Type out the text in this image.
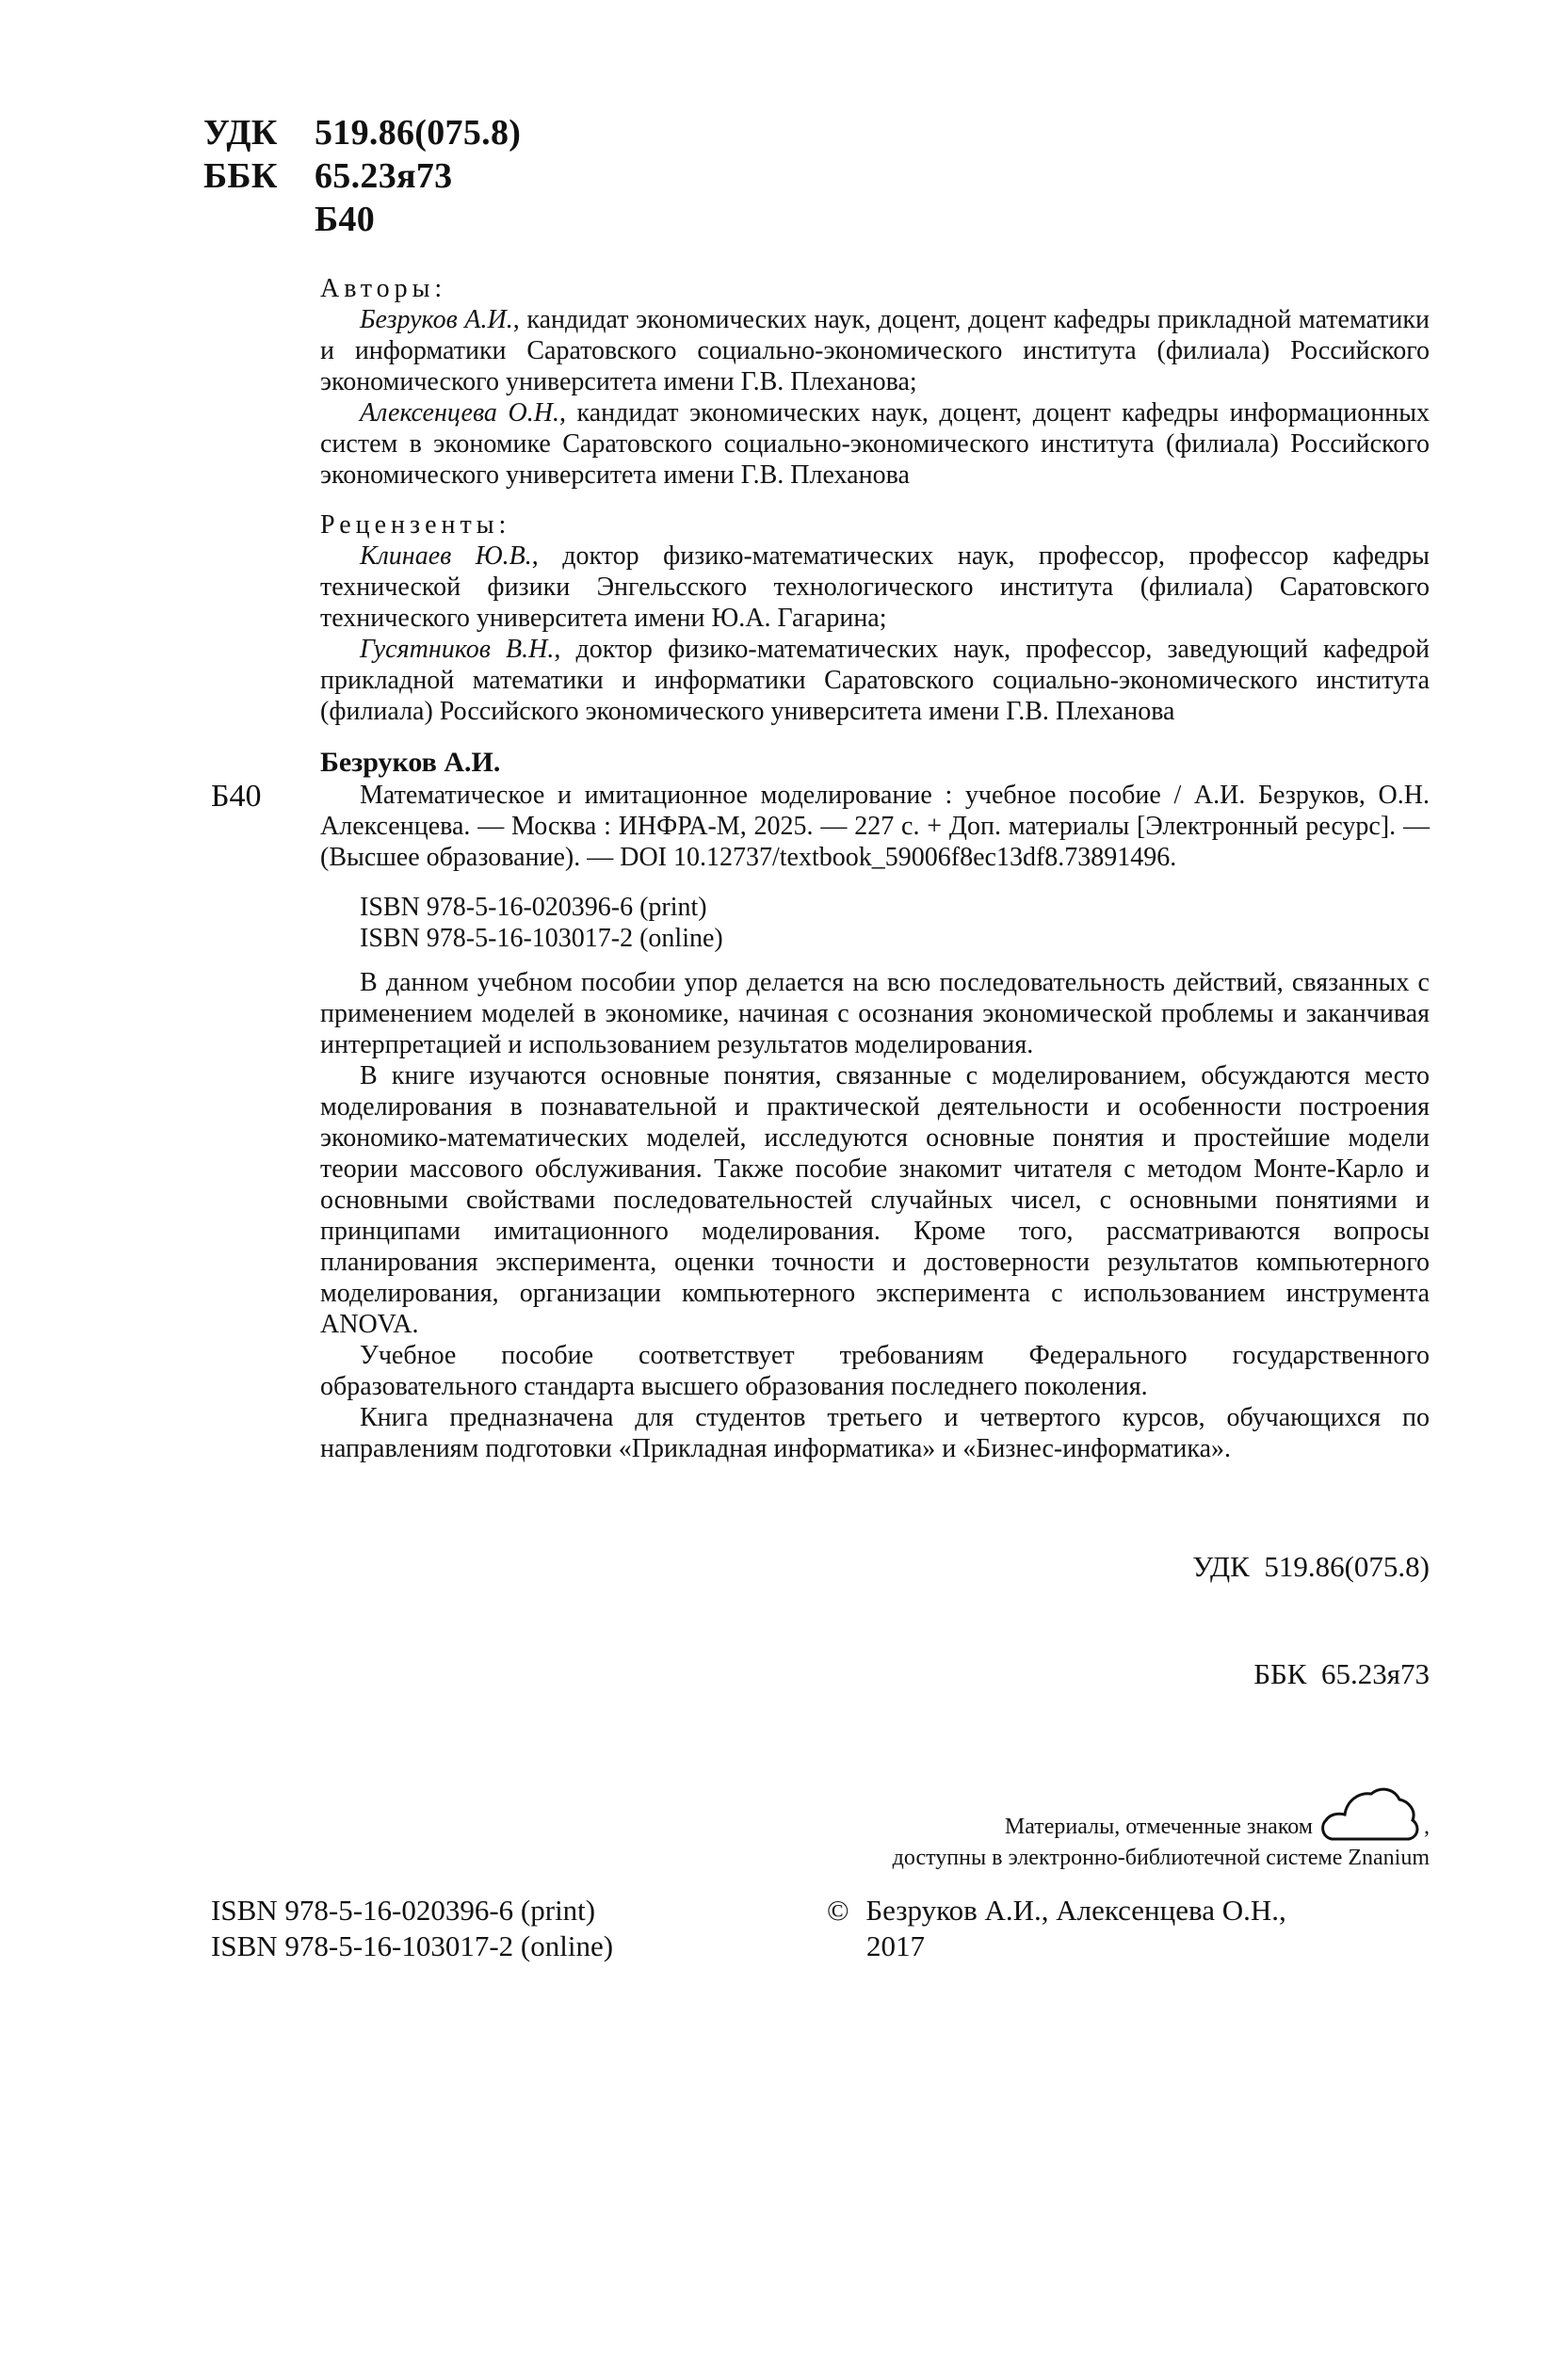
УДК 519.86(075.8)
ББК 65.23я73
Б40

Авторы:

Безруков А.И., кандидат экономических наук, доцент, доцент кафедры прикладной математики и информатики Саратовского социально-экономического института (филиала) Российского экономического университета имени Г.В. Плеханова;

Алексенцева О.Н., кандидат экономических наук, доцент, доцент кафедры информационных систем в экономике Саратовского социально-экономического института (филиала) Российского экономического университета имени Г.В. Плеханова

Рецензенты:

Клинаев Ю.В., доктор физико-математических наук, профессор, профессор кафедры технической физики Энгельсского технологического института (филиала) Саратовского технического университета имени Ю.А. Гагарина;

Гусятников В.Н., доктор физико-математических наук, профессор, заведующий кафедрой прикладной математики и информатики Саратовского социально-экономического института (филиала) Российского экономического университета имени Г.В. Плеханова

Безруков А.И.
Б40	Математическое и имитационное моделирование : учебное пособие / А.И. Безруков, О.Н. Алексенцева. — Москва : ИНФРА-М, 2025. — 227 с. + Доп. материалы [Электронный ресурс]. — (Высшее образование). — DOI 10.12737/textbook_59006f8ec13df8.73891496.

ISBN 978-5-16-020396-6 (print)
ISBN 978-5-16-103017-2 (online)

В данном учебном пособии упор делается на всю последовательность действий, связанных с применением моделей в экономике, начиная с осознания экономической проблемы и заканчивая интерпретацией и использованием результатов моделирования.

В книге изучаются основные понятия, связанные с моделированием, обсуждаются место моделирования в познавательной и практической деятельности и особенности построения экономико-математических моделей, исследуются основные понятия и простейшие модели теории массового обслуживания. Также пособие знакомит читателя с методом Монте-Карло и основными свойствами последовательностей случайных чисел, с основными понятиями и принципами имитационного моделирования. Кроме того, рассматриваются вопросы планирования эксперимента, оценки точности и достоверности результатов компьютерного моделирования, организации компьютерного эксперимента с использованием инструмента ANOVA.

Учебное пособие соответствует требованиям Федерального государственного образовательного стандарта высшего образования последнего поколения.

Книга предназначена для студентов третьего и четвертого курсов, обучающихся по направлениям подготовки «Прикладная информатика» и «Бизнес-информатика».

УДК  519.86(075.8)

ББК  65.23я73

Материалы, отмеченные знаком	,
доступны в электронно-библиотечной системе Znanium
ISBN 978-5-16-020396-6 (print)
ISBN 978-5-16-103017-2 (online)
© Безруков А.И., Алексенцева О.Н.,
2017
